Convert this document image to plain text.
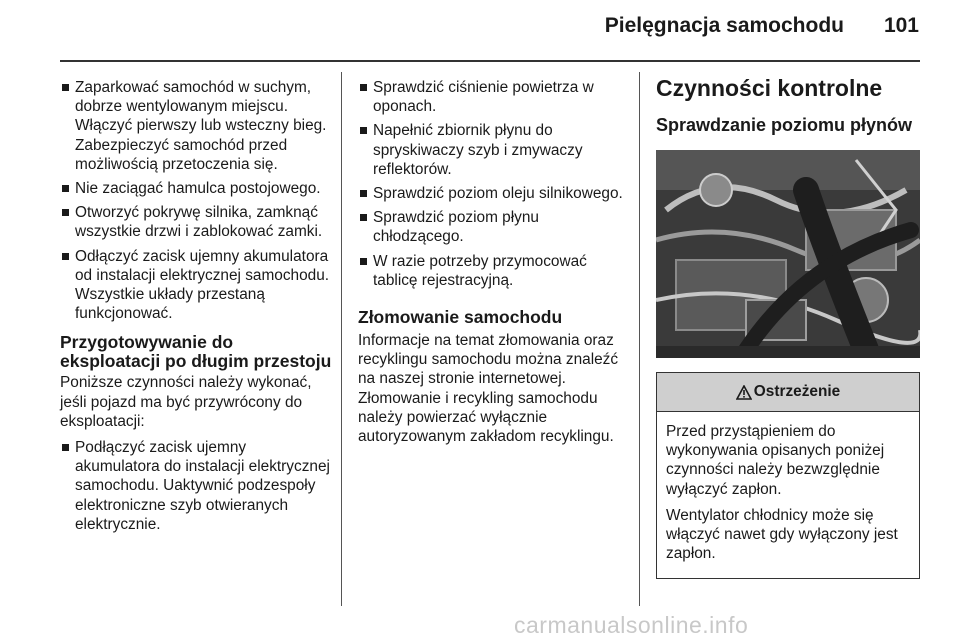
Pielęgnacja samochodu 101
Zaparkować samochód w suchym, dobrze wentylowanym miejscu. Włączyć pierwszy lub wsteczny bieg. Zabezpieczyć samochód przed możliwością przetoczenia się.
Nie zaciągać hamulca postojowego.
Otworzyć pokrywę silnika, zamknąć wszystkie drzwi i zablokować zamki.
Odłączyć zacisk ujemny akumulatora od instalacji elektrycznej samochodu. Wszystkie układy przestaną funkcjonować.
Przygotowywanie do eksploatacji po długim przestoju

Poniższe czynności należy wykonać, jeśli pojazd ma być przywrócony do eksploatacji:

Podłączyć zacisk ujemny akumulatora do instalacji elektrycznej samochodu. Uaktywnić podzespoły elektroniczne szyb otwieranych elektrycznie.
Sprawdzić ciśnienie powietrza w oponach.
Napełnić zbiornik płynu do spryskiwaczy szyb i zmywaczy reflektorów.
Sprawdzić poziom oleju silnikowego.
Sprawdzić poziom płynu chłodzącego.
W razie potrzeby przymocować tablicę rejestracyjną.
Złomowanie samochodu

Informacje na temat złomowania oraz recyklingu samochodu można znaleźć na naszej stronie internetowej. Złomowanie i recykling samochodu należy powierzać wyłącznie autoryzowanym zakładom recyklingu.

Czynności kontrolne
Sprawdzanie poziomu płynów
Ostrzeżenie

Przed przystąpieniem do wykonywania opisanych poniżej czynności należy bezwzględnie wyłączyć zapłon.

Wentylator chłodnicy może się włączyć nawet gdy wyłączony jest zapłon.

carmanualsonline.info
